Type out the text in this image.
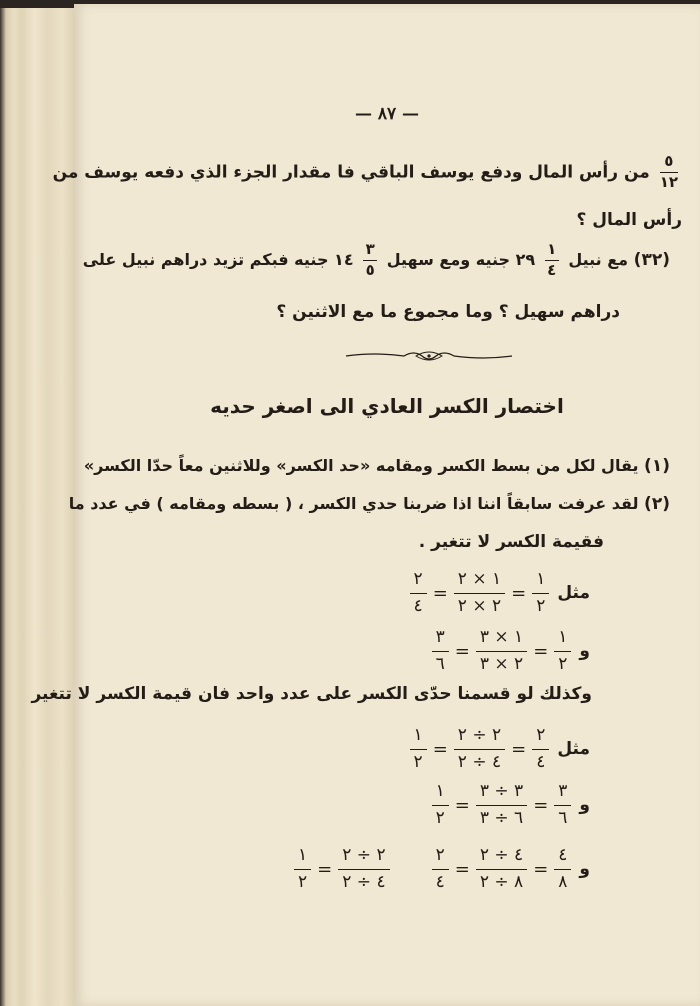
— ٨٧ —
$\frac{٥}{١٢}$
من رأس المال ودفع يوسف الباقي فا مقدار الجزء الذي دفعه يوسف من
رأس المال ؟
(٣٢) مع نبيل
$\frac{١}{٤}$
٢٩ جنيه ومع سهيل
$\frac{٣}{٥}$
١٤ جنيه فبكم تزيد دراهم نبيل على
دراهم سهيل ؟ وما مجموع ما مع الاثنين ؟
اختصار الكسر العادي الى اصغر حديه
(١) يقال لكل من بسط الكسر ومقامه «حد الكسر» وللاثنين معاً حدّا الكسر»
(٢) لقد عرفت سابقاً اننا اذا ضربنا حدي الكسر ، ( بسطه ومقامه ) في عدد ما
فقيمة الكسر لا تتغير .
مثل
١
٢
=
١ × ٢
٢ × ٢
=
٢
٤
و
١
٢
=
١ × ٣
٢ × ٣
=
٣
٦
وكذلك لو قسمنا حدّى الكسر على عدد واحد فان قيمة الكسر لا تتغير
مثل
٢
٤
=
٢ ÷ ٢
٤ ÷ ٢
=
١
٢
و
٣
٦
=
٣ ÷ ٣
٦ ÷ ٣
=
١
٢
و
٤
٨
=
٤ ÷ ٢
٨ ÷ ٢
=
٢
٤
٢ ÷ ٢
٤ ÷ ٢
=
١
٢
